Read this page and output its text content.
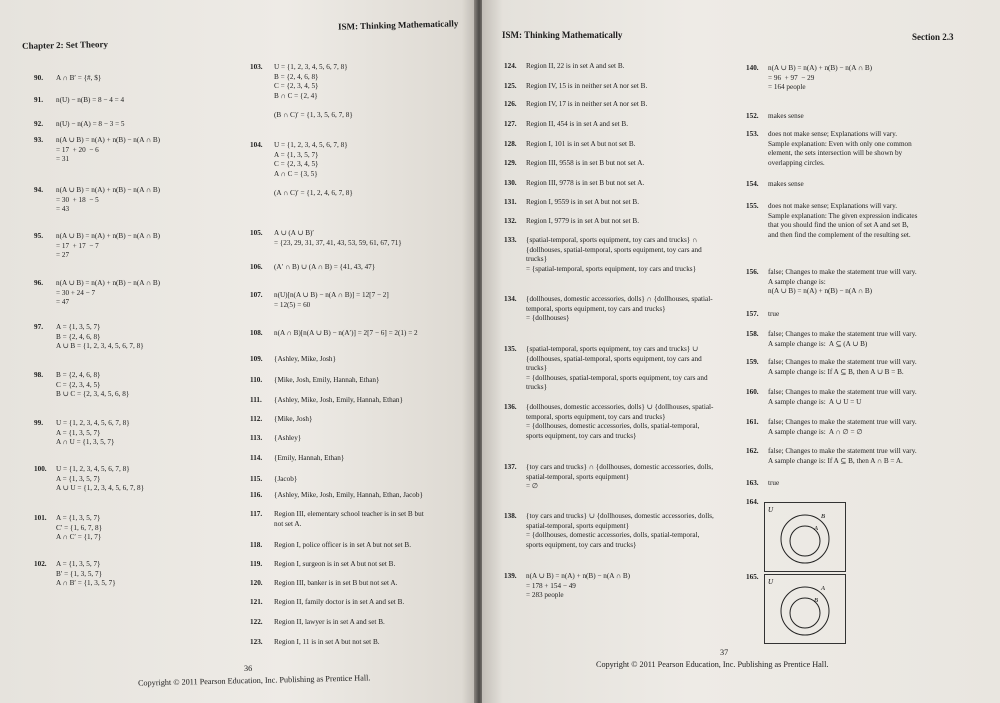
Chapter 2: Set Theory
ISM: Thinking Mathematically
90. A ∩ B′ = {#, $}
91. n(U) − n(B) = 8 − 4 = 4
92. n(U) − n(A) = 8 − 3 = 5
93. n(A ∪ B) = n(A) + n(B) − n(A ∩ B)
= 17  + 20  − 6
= 31
94. n(A ∪ B) = n(A) + n(B) − n(A ∩ B)
= 30  + 18  − 5
= 43
95. n(A ∪ B) = n(A) + n(B) − n(A ∩ B)
= 17  + 17  − 7
= 27
96. n(A ∪ B) = n(A) + n(B) − n(A ∩ B)
= 30 + 24 − 7
= 47
97. A = {1, 3, 5, 7}
B = {2, 4, 6, 8}
A ∪ B = {1, 2, 3, 4, 5, 6, 7, 8}
98. B = {2, 4, 6, 8}
C = {2, 3, 4, 5}
B ∪ C = {2, 3, 4, 5, 6, 8}
99. U = {1, 2, 3, 4, 5, 6, 7, 8}
A = {1, 3, 5, 7}
A ∩ U = {1, 3, 5, 7}
100. U = {1, 2, 3, 4, 5, 6, 7, 8}
A = {1, 3, 5, 7}
A ∪ U = {1, 2, 3, 4, 5, 6, 7, 8}
101. A = {1, 3, 5, 7}
C′ = {1, 6, 7, 8}
A ∩ C′ = {1, 7}
102. A = {1, 3, 5, 7}
B′ = {1, 3, 5, 7}
A ∩ B′ = {1, 3, 5, 7}
103. U = {1, 2, 3, 4, 5, 6, 7, 8}
B = {2, 4, 6, 8}
C = {2, 3, 4, 5}
B ∩ C = {2, 4}

(B ∩ C)′ = {1, 3, 5, 6, 7, 8}
104. U = {1, 2, 3, 4, 5, 6, 7, 8}
A = {1, 3, 5, 7}
C = {2, 3, 4, 5}
A ∩ C = {3, 5}

(A ∩ C)′ = {1, 2, 4, 6, 7, 8}
105. A ∪ (A ∪ B)′
= {23, 29, 31, 37, 41, 43, 53, 59, 61, 67, 71}
106. (A′ ∩ B) ∪ (A ∩ B) = {41, 43, 47}
107. n(U)[n(A ∪ B) − n(A ∩ B)] = 12[7 − 2]
= 12(5) = 60
108. n(A ∩ B)[n(A ∪ B) − n(A′)] = 2[7 − 6] = 2(1) = 2
109. {Ashley, Mike, Josh}
110. {Mike, Josh, Emily, Hannah, Ethan}
111. {Ashley, Mike, Josh, Emily, Hannah, Ethan}
112. {Mike, Josh}
113. {Ashley}
114. {Emily, Hannah, Ethan}
115. {Jacob}
116. {Ashley, Mike, Josh, Emily, Hannah, Ethan, Jacob}
117. Region III, elementary school teacher is in set B but
not set A.
118. Region I, police officer is in set A but not set B.
119. Region I, surgeon is in set A but not set B.
120. Region III, banker is in set B but not set A.
121. Region II, family doctor is in set A and set B.
122. Region II, lawyer is in set A and set B.
123. Region I, 11 is in set A but not set B.
36
Copyright © 2011 Pearson Education, Inc. Publishing as Prentice Hall.
ISM: Thinking Mathematically	Section 2.3
124. Region II, 22 is in set A and set B.
125. Region IV, 15 is in neither set A nor set B.
126. Region IV, 17 is in neither set A nor set B.
127. Region II, 454 is in set A and set B.
128. Region I, 101 is in set A but not set B.
129. Region III, 9558 is in set B but not set A.
130. Region III, 9778 is in set B but not set A.
131. Region I, 9559 is in set A but not set B.
132. Region I, 9779 is in set A but not set B.
133. {spatial-temporal, sports equipment, toy cars and trucks} ∩ {dollhouses, spatial-temporal, sports equipment, toy cars and trucks}
= {spatial-temporal, sports equipment, toy cars and trucks}
134. {dollhouses, domestic accessories, dolls} ∩ {dollhouses, spatial-temporal, sports equipment, toy cars and trucks}
= {dollhouses}
135. {spatial-temporal, sports equipment, toy cars and trucks} ∪ {dollhouses, spatial-temporal, sports equipment, toy cars and trucks}
= {dollhouses, spatial-temporal, sports equipment, toy cars and trucks}
136. {dollhouses, domestic accessories, dolls} ∪ {dollhouses, spatial-temporal, sports equipment, toy cars and trucks}
= {dollhouses, domestic accessories, dolls, spatial-temporal, sports equipment, toy cars and trucks}
137. {toy cars and trucks} ∩ {dollhouses, domestic accessories, dolls, spatial-temporal, sports equipment}
= ∅
138. {toy cars and trucks} ∪ {dollhouses, domestic accessories, dolls, spatial-temporal, sports equipment}
= {dollhouses, domestic accessories, dolls, spatial-temporal, sports equipment, toy cars and trucks}
139. n(A ∪ B) = n(A) + n(B) − n(A ∩ B)
= 178 + 154 − 49
= 283 people
140. n(A ∪ B) = n(A) + n(B) − n(A ∩ B)
= 96  + 97  − 29
= 164 people
152. makes sense
153. does not make sense; Explanations will vary.
Sample explanation: Even with only one common
element, the sets intersection will be shown by
overlapping circles.
154. makes sense
155. does not make sense; Explanations will vary.
Sample explanation: The given expression indicates
that you should find the union of set A and set B,
and then find the complement of the resulting set.
156. false; Changes to make the statement true will vary.
A sample change is:
n(A ∪ B) = n(A) + n(B) − n(A ∩ B)
157. true
158. false; Changes to make the statement true will vary.
A sample change is:  A ⊆ (A ∪ B)
159. false; Changes to make the statement true will vary.
A sample change is: If A ⊆ B, then A ∪ B = B.
160. false; Changes to make the statement true will vary.
A sample change is:  A ∪ U = U
161. false; Changes to make the statement true will vary.
A sample change is:  A ∩ ∅ = ∅
162. false; Changes to make the statement true will vary.
A sample change is: If A ⊆ B, then A ∩ B = A.
163. true
164.
165.
37
Copyright © 2011 Pearson Education, Inc. Publishing as Prentice Hall.
U
B
A
U
A
B
